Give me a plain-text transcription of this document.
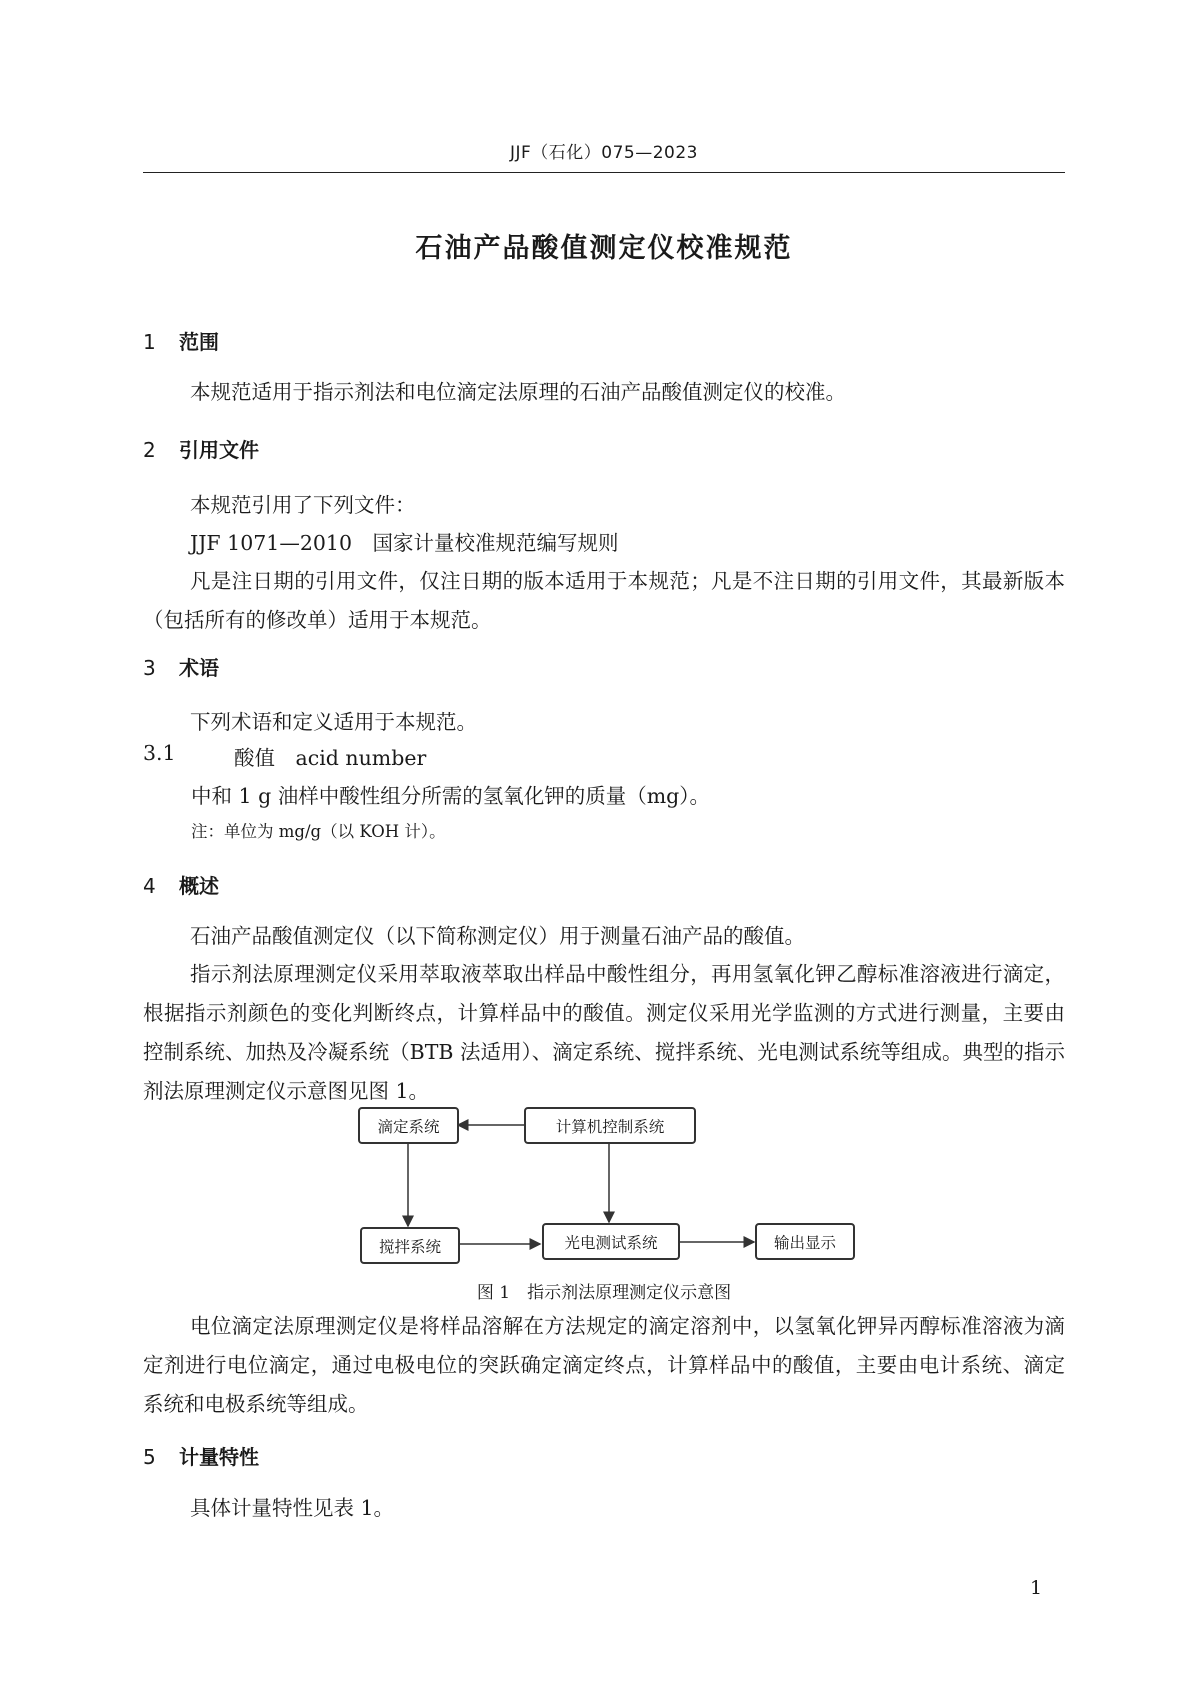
JJF（石化）075—2023
石油产品酸值测定仪校准规范
1 范围
本规范适用于指示剂法和电位滴定法原理的石油产品酸值测定仪的校准。
2 引用文件
本规范引用了下列文件：
JJF 1071—2010　国家计量校准规范编写规则
凡是注日期的引用文件，仅注日期的版本适用于本规范；凡是不注日期的引用文件，其最新版本（包括所有的修改单）适用于本规范。
3 术语
下列术语和定义适用于本规范。
3.1	酸值　acid number
中和 1 g 油样中酸性组分所需的氢氧化钾的质量（mg）。
注：单位为 mg/g（以 KOH 计）。
4 概述
石油产品酸值测定仪（以下简称测定仪）用于测量石油产品的酸值。
指示剂法原理测定仪采用萃取液萃取出样品中酸性组分，再用氢氧化钾乙醇标准溶液进行滴定，根据指示剂颜色的变化判断终点，计算样品中的酸值。测定仪采用光学监测的方式进行测量，主要由控制系统、加热及冷凝系统（BTB 法适用）、滴定系统、搅拌系统、光电测试系统等组成。典型的指示剂法原理测定仪示意图见图 1。
滴定系统	计算机控制系统
搅拌系统	光电测试系统	输出显示
图 1　指示剂法原理测定仪示意图
电位滴定法原理测定仪是将样品溶解在方法规定的滴定溶剂中，以氢氧化钾异丙醇标准溶液为滴定剂进行电位滴定，通过电极电位的突跃确定滴定终点，计算样品中的酸值，主要由电计系统、滴定系统和电极系统等组成。
5 计量特性
具体计量特性见表 1。
1
